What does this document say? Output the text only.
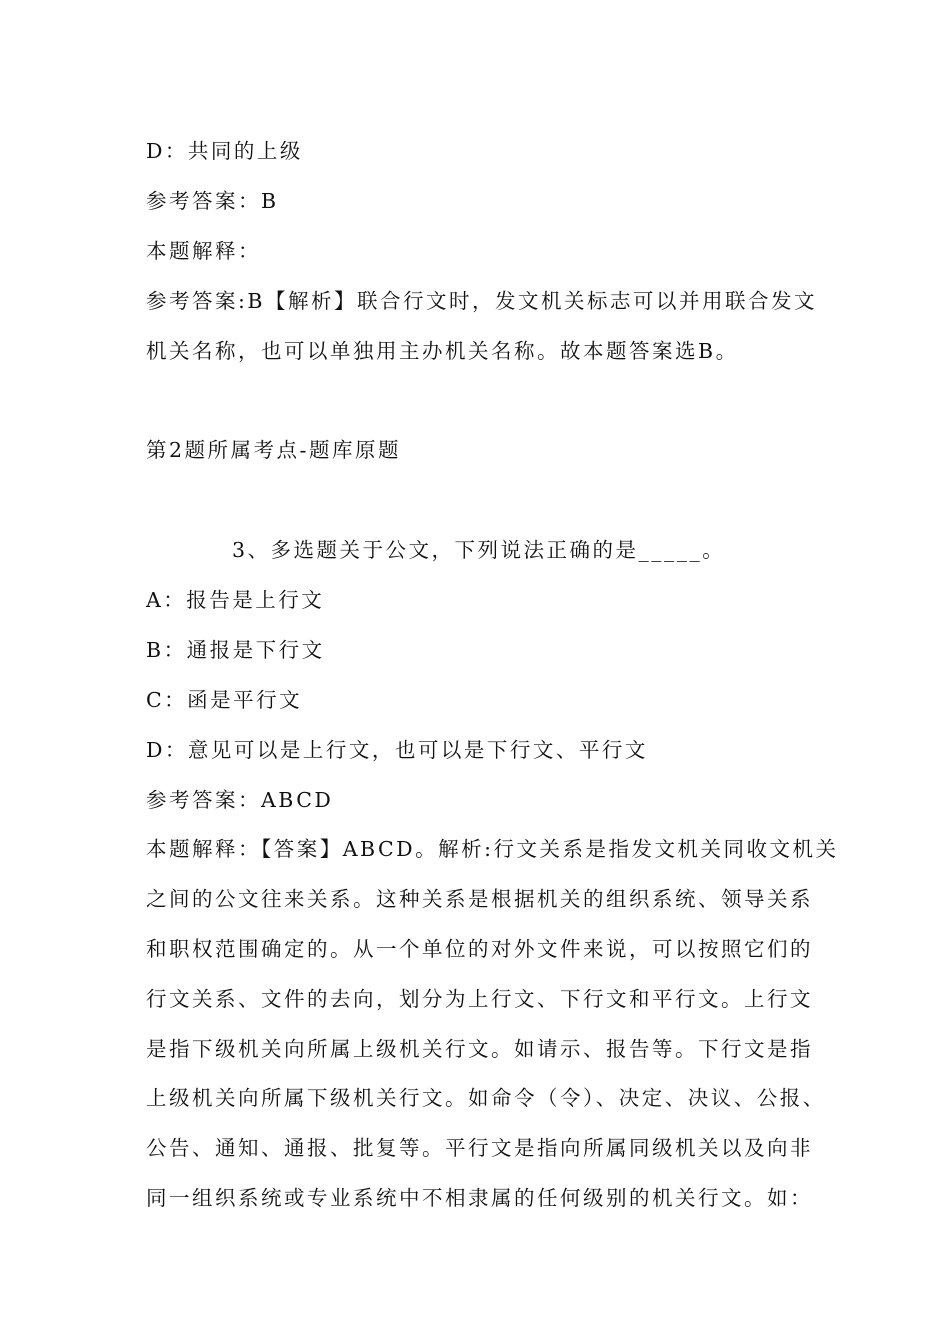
D：共同的上级
参考答案：B
本题解释：
参考答案:B【解析】联合行文时，发文机关标志可以并用联合发文
机关名称，也可以单独用主办机关名称。故本题答案选B。
第2题所属考点-题库原题
3、多选题关于公文，下列说法正确的是_____。
A：报告是上行文
B：通报是下行文
C：函是平行文
D：意见可以是上行文，也可以是下行文、平行文
参考答案：ABCD
本题解释：【答案】ABCD。解析:行文关系是指发文机关同收文机关
之间的公文往来关系。这种关系是根据机关的组织系统、领导关系
和职权范围确定的。从一个单位的对外文件来说，可以按照它们的
行文关系、文件的去向，划分为上行文、下行文和平行文。上行文
是指下级机关向所属上级机关行文。如请示、报告等。下行文是指
上级机关向所属下级机关行文。如命令（令）、决定、决议、公报、
公告、通知、通报、批复等。平行文是指向所属同级机关以及向非
同一组织系统或专业系统中不相隶属的任何级别的机关行文。如：
